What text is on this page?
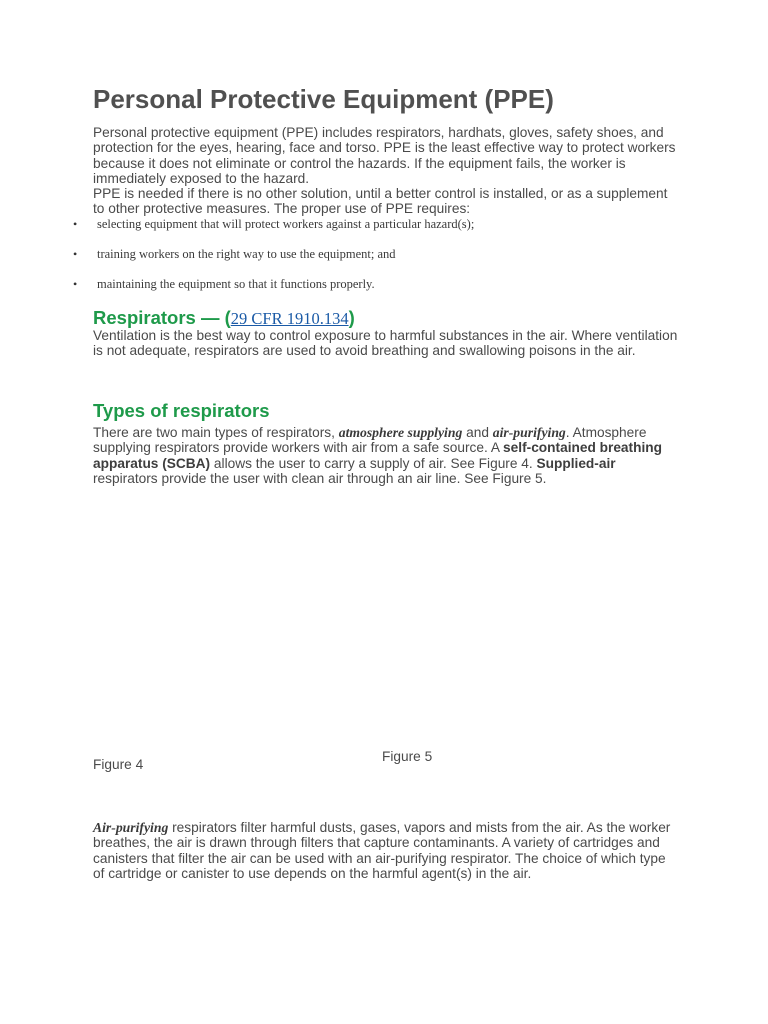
Personal Protective Equipment (PPE)

Personal protective equipment (PPE) includes respirators, hardhats, gloves, safety shoes, and protection for the eyes, hearing, face and torso. PPE is the least effective way to protect workers because it does not eliminate or control the hazards. If the equipment fails, the worker is immediately exposed to the hazard.

PPE is needed if there is no other solution, until a better control is installed, or as a supplement to other protective measures. The proper use of PPE requires:

• selecting equipment that will protect workers against a particular hazard(s);
• training workers on the right way to use the equipment; and
• maintaining the equipment so that it functions properly.
Respirators — (29 CFR 1910.134)

Ventilation is the best way to control exposure to harmful substances in the air. Where ventilation is not adequate, respirators are used to avoid breathing and swallowing poisons in the air.

Types of respirators

There are two main types of respirators, atmosphere supplying and air-purifying. Atmosphere supplying respirators provide workers with air from a safe source. A self-contained breathing apparatus (SCBA) allows the user to carry a supply of air. See Figure 4. Supplied-air respirators provide the user with clean air through an air line. See Figure 5.

Figure 4
Figure 5

Air-purifying respirators filter harmful dusts, gases, vapors and mists from the air. As the worker breathes, the air is drawn through filters that capture contaminants. A variety of cartridges and canisters that filter the air can be used with an air-purifying respirator. The choice of which type of cartridge or canister to use depends on the harmful agent(s) in the air.
